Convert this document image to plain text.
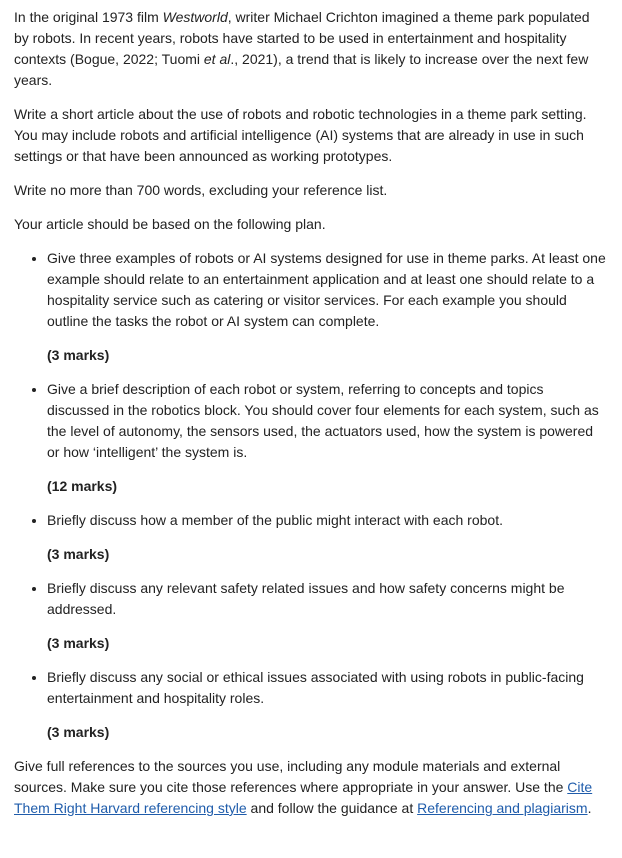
In the original 1973 film Westworld, writer Michael Crichton imagined a theme park populated by robots. In recent years, robots have started to be used in entertainment and hospitality contexts (Bogue, 2022; Tuomi et al., 2021), a trend that is likely to increase over the next few years.

Write a short article about the use of robots and robotic technologies in a theme park setting. You may include robots and artificial intelligence (AI) systems that are already in use in such settings or that have been announced as working prototypes.

Write no more than 700 words, excluding your reference list.

Your article should be based on the following plan.

• Give three examples of robots or AI systems designed for use in theme parks. At least one example should relate to an entertainment application and at least one should relate to a hospitality service such as catering or visitor services. For each example you should outline the tasks the robot or AI system can complete.

(3 marks)

• Give a brief description of each robot or system, referring to concepts and topics discussed in the robotics block. You should cover four elements for each system, such as the level of autonomy, the sensors used, the actuators used, how the system is powered or how ‘intelligent’ the system is.

(12 marks)

• Briefly discuss how a member of the public might interact with each robot.

(3 marks)

• Briefly discuss any relevant safety related issues and how safety concerns might be addressed.

(3 marks)

• Briefly discuss any social or ethical issues associated with using robots in public-facing entertainment and hospitality roles.

(3 marks)

Give full references to the sources you use, including any module materials and external sources. Make sure you cite those references where appropriate in your answer. Use the Cite Them Right Harvard referencing style and follow the guidance at Referencing and plagiarism.
